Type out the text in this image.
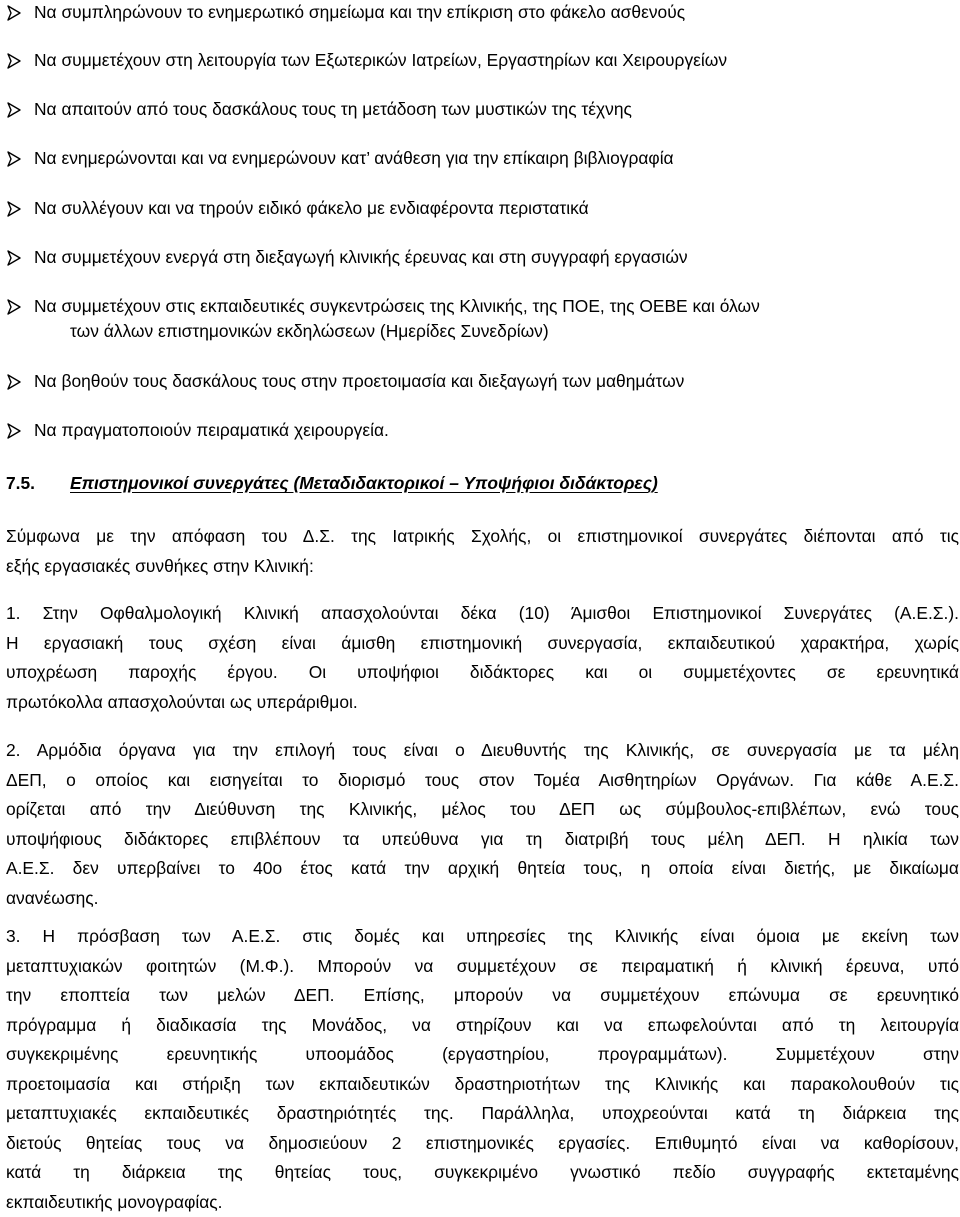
Να συμπληρώνουν το ενημερωτικό σημείωμα και την επίκριση στο φάκελο ασθενούς
Να συμμετέχουν στη λειτουργία των Εξωτερικών Ιατρείων, Εργαστηρίων και Χειρουργείων
Να απαιτούν από τους δασκάλους τους τη μετάδοση των μυστικών της τέχνης
Να ενημερώνονται και να ενημερώνουν κατ’ ανάθεση για την επίκαιρη βιβλιογραφία
Να συλλέγουν και να τηρούν ειδικό φάκελο με ενδιαφέροντα περιστατικά
Να συμμετέχουν ενεργά στη διεξαγωγή κλινικής έρευνας και στη συγγραφή εργασιών
Να συμμετέχουν στις εκπαιδευτικές συγκεντρώσεις της Κλινικής, της ΠΟΕ, της ΟΕΒΕ και όλων
των άλλων επιστημονικών εκδηλώσεων (Ημερίδες Συνεδρίων)
Να βοηθούν τους δασκάλους τους στην προετοιμασία και διεξαγωγή των μαθημάτων
Να πραγματοποιούν πειραματικά χειρουργεία.
7.5. Επιστημονικοί συνεργάτες (Μεταδιδακτορικοί – Υποψήφιοι διδάκτορες)
Σύμφωνα με την απόφαση του Δ.Σ. της Ιατρικής Σχολής, οι επιστημονικοί συνεργάτες διέπονται από τις
εξής εργασιακές συνθήκες στην Κλινική:
1. Στην Οφθαλμολογική Κλινική απασχολούνται δέκα (10) Άμισθοι Επιστημονικοί Συνεργάτες (Α.Ε.Σ.).
Η εργασιακή τους σχέση είναι άμισθη επιστημονική συνεργασία, εκπαιδευτικού χαρακτήρα, χωρίς
υποχρέωση παροχής έργου. Οι υποψήφιοι διδάκτορες και οι συμμετέχοντες σε ερευνητικά
πρωτόκολλα απασχολούνται ως υπεράριθμοι.
2. Αρμόδια όργανα για την επιλογή τους είναι ο Διευθυντής της Κλινικής, σε συνεργασία με τα μέλη
ΔΕΠ, ο οποίος και εισηγείται το διορισμό τους στον Τομέα Αισθητηρίων Οργάνων. Για κάθε Α.Ε.Σ.
ορίζεται από την Διεύθυνση της Κλινικής, μέλος του ΔΕΠ ως σύμβουλος-επιβλέπων, ενώ τους
υποψήφιους διδάκτορες επιβλέπουν τα υπεύθυνα για τη διατριβή τους μέλη ΔΕΠ. Η ηλικία των
Α.Ε.Σ. δεν υπερβαίνει το 40ο έτος κατά την αρχική θητεία τους, η οποία είναι διετής, με δικαίωμα
ανανέωσης.
3. Η πρόσβαση των Α.Ε.Σ. στις δομές και υπηρεσίες της Κλινικής είναι όμοια με εκείνη των
μεταπτυχιακών φοιτητών (Μ.Φ.). Μπορούν να συμμετέχουν σε πειραματική ή κλινική έρευνα, υπό
την εποπτεία των μελών ΔΕΠ. Επίσης, μπορούν να συμμετέχουν επώνυμα σε ερευνητικό
πρόγραμμα ή διαδικασία της Μονάδος, να στηρίζουν και να επωφελούνται από τη λειτουργία
συγκεκριμένης ερευνητικής υποομάδος (εργαστηρίου, προγραμμάτων). Συμμετέχουν στην
προετοιμασία και στήριξη των εκπαιδευτικών δραστηριοτήτων της Κλινικής και παρακολουθούν τις
μεταπτυχιακές εκπαιδευτικές δραστηριότητές της. Παράλληλα, υποχρεούνται κατά τη διάρκεια της
διετούς θητείας τους να δημοσιεύουν 2 επιστημονικές εργασίες. Επιθυμητό είναι να καθορίσουν,
κατά τη διάρκεια της θητείας τους, συγκεκριμένο γνωστικό πεδίο συγγραφής εκτεταμένης
εκπαιδευτικής μονογραφίας.
